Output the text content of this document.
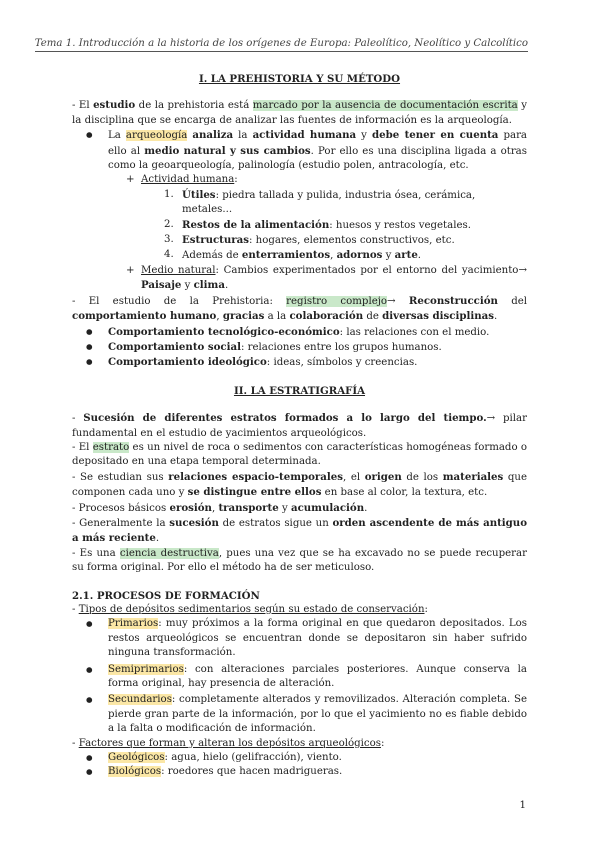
Tema 1. Introducción a la historia de los orígenes de Europa: Paleolítico, Neolítico y Calcolítico

I. LA PREHISTORIA Y SU MÉTODO

- El estudio de la prehistoria está marcado por la ausencia de documentación escrita y la disciplina que se encarga de analizar las fuentes de información es la arqueología.

● La arqueología analiza la actividad humana y debe tener en cuenta para ello al medio natural y sus cambios. Por ello es una disciplina ligada a otras como la geoarqueología, palinología (estudio polen, antracología, etc.
+ Actividad humana:
1. Útiles: piedra tallada y pulida, industria ósea, cerámica, metales...
2. Restos de la alimentación: huesos y restos vegetales.
3. Estructuras: hogares, elementos constructivos, etc.
4. Además de enterramientos, adornos y arte.
+ Medio natural: Cambios experimentados por el entorno del yacimiento→ Paisaje y clima.

- El estudio de la Prehistoria: registro complejo→ Reconstrucción del comportamiento humano, gracias a la colaboración de diversas disciplinas.

● Comportamiento tecnológico-económico: las relaciones con el medio.
● Comportamiento social: relaciones entre los grupos humanos.
● Comportamiento ideológico: ideas, símbolos y creencias.

II. LA ESTRATIGRAFÍA

- Sucesión de diferentes estratos formados a lo largo del tiempo.→ pilar fundamental en el estudio de yacimientos arqueológicos.

- El estrato es un nivel de roca o sedimentos con características homogéneas formado o depositado en una etapa temporal determinada.

- Se estudian sus relaciones espacio-temporales, el origen de los materiales que componen cada uno y se distingue entre ellos en base al color, la textura, etc.

- Procesos básicos erosión, transporte y acumulación.

- Generalmente la sucesión de estratos sigue un orden ascendente de más antiguo a más reciente.

- Es una ciencia destructiva, pues una vez que se ha excavado no se puede recuperar su forma original. Por ello el método ha de ser meticuloso.

2.1. PROCESOS DE FORMACIÓN

- Tipos de depósitos sedimentarios según su estado de conservación:

● Primarios: muy próximos a la forma original en que quedaron depositados. Los restos arqueológicos se encuentran donde se depositaron sin haber sufrido ninguna transformación.
● Semiprimarios: con alteraciones parciales posteriores. Aunque conserva la forma original, hay presencia de alteración.
● Secundarios: completamente alterados y removilizados. Alteración completa. Se pierde gran parte de la información, por lo que el yacimiento no es fiable debido a la falta o modificación de información.

- Factores que forman y alteran los depósitos arqueológicos:

● Geológicos: agua, hielo (gelifracción), viento.
● Biológicos: roedores que hacen madrigueras.
1
